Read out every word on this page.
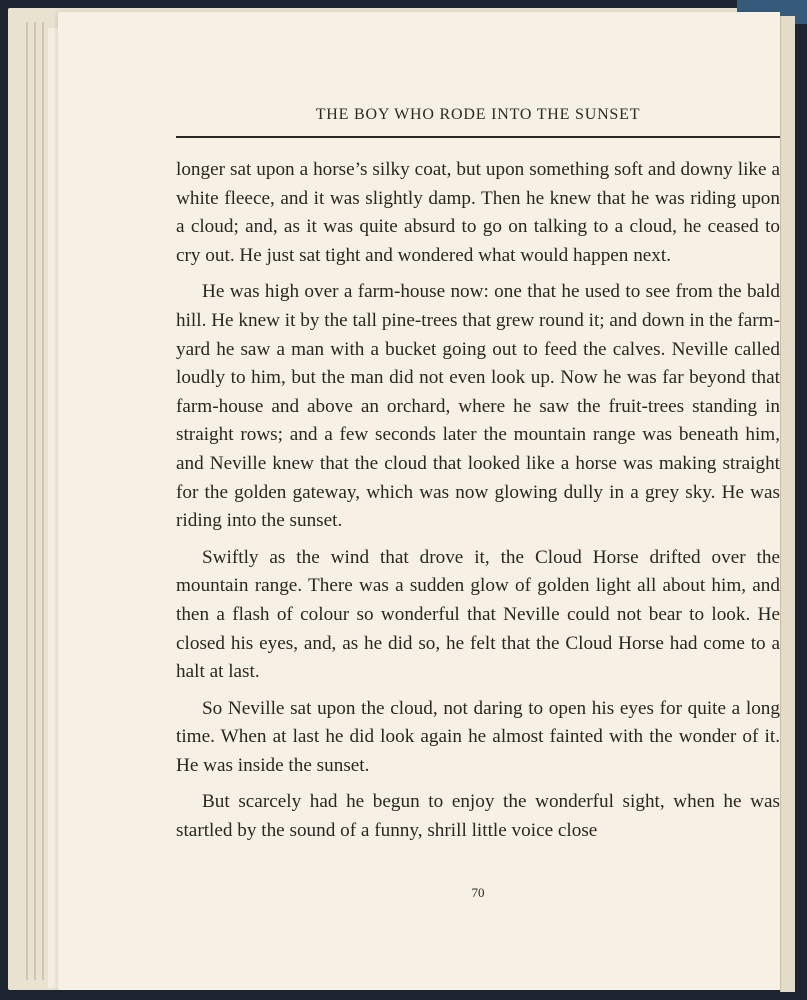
THE BOY WHO RODE INTO THE SUNSET

longer sat upon a horse’s silky coat, but upon something soft and downy like a white fleece, and it was slightly damp. Then he knew that he was riding upon a cloud; and, as it was quite absurd to go on talking to a cloud, he ceased to cry out. He just sat tight and wondered what would happen next.

He was high over a farm-house now: one that he used to see from the bald hill. He knew it by the tall pine-trees that grew round it; and down in the farm-yard he saw a man with a bucket going out to feed the calves. Neville called loudly to him, but the man did not even look up. Now he was far beyond that farm-house and above an orchard, where he saw the fruit-trees standing in straight rows; and a few seconds later the mountain range was beneath him, and Neville knew that the cloud that looked like a horse was making straight for the golden gateway, which was now glowing dully in a grey sky. He was riding into the sunset.

Swiftly as the wind that drove it, the Cloud Horse drifted over the mountain range. There was a sudden glow of golden light all about him, and then a flash of colour so wonderful that Neville could not bear to look. He closed his eyes, and, as he did so, he felt that the Cloud Horse had come to a halt at last.

So Neville sat upon the cloud, not daring to open his eyes for quite a long time. When at last he did look again he almost fainted with the wonder of it. He was inside the sunset.

But scarcely had he begun to enjoy the wonderful sight, when he was startled by the sound of a funny, shrill little voice close

70
